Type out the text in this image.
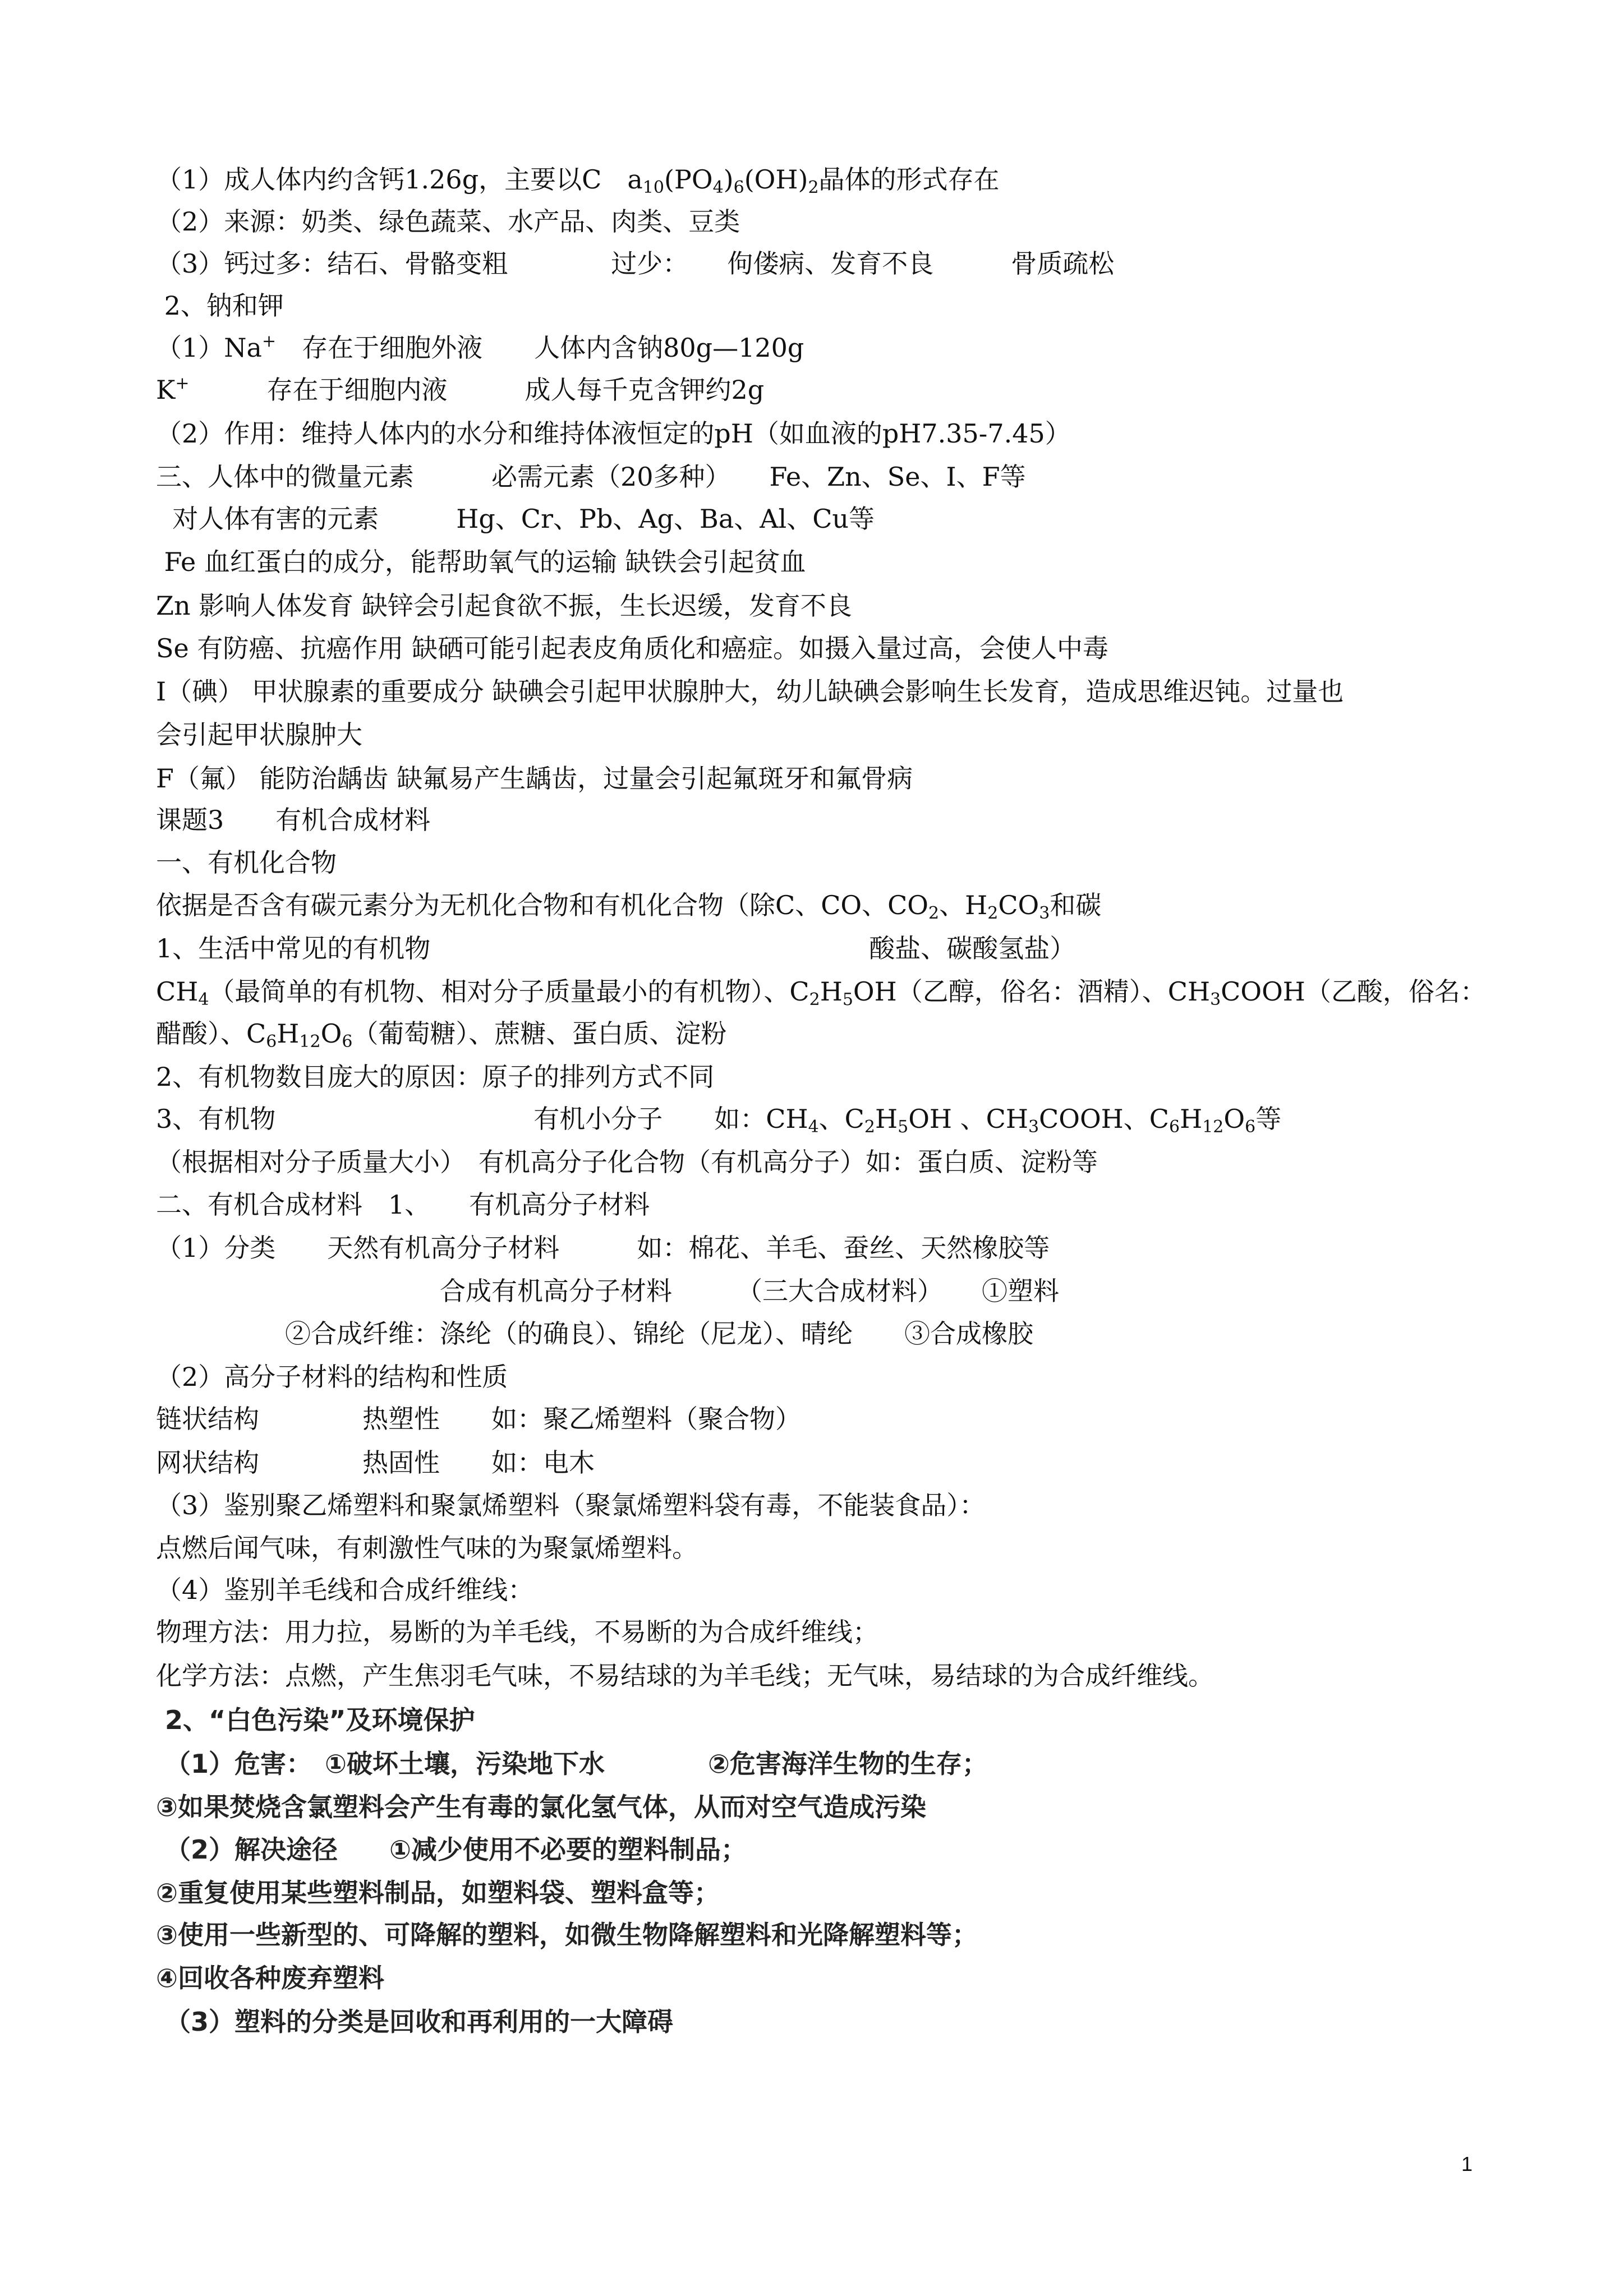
（1）成人体内约含钙1.26g，主要以C　$a_{10}(PO_4)_6(OH)_2$晶体的形式存在
（2）来源：奶类、绿色蔬菜、水产品、肉类、豆类
（3）钙过多：结石、骨骼变粗　　　　过少：　　佝偻病、发育不良　　　骨质疏松
2、钠和钾
（1）Na+　存在于细胞外液　　人体内含钠80g—120g
K+　　　存在于细胞内液　　　成人每千克含钾约2g
（2）作用：维持人体内的水分和维持体液恒定的pH（如血液的pH7.35-7.45）
三、人体中的微量元素　　　必需元素（20多种）　　Fe、Zn、Se、I、F等
对人体有害的元素　　　Hg、Cr、Pb、Ag、Ba、Al、Cu等
Fe 血红蛋白的成分，能帮助氧气的运输 缺铁会引起贫血
Zn 影响人体发育 缺锌会引起食欲不振，生长迟缓，发育不良
Se 有防癌、抗癌作用 缺硒可能引起表皮角质化和癌症。如摄入量过高，会使人中毒
I（碘） 甲状腺素的重要成分 缺碘会引起甲状腺肿大，幼儿缺碘会影响生长发育，造成思维迟钝。过量也
会引起甲状腺肿大
F（氟） 能防治龋齿 缺氟易产生龋齿，过量会引起氟斑牙和氟骨病
课题3　　有机合成材料
一、有机化合物
依据是否含有碳元素分为无机化合物和有机化合物（除C、CO、$CO_2$、$H_2CO_3$和碳
1、生活中常见的有机物　　　　　　　　　　　　　　　　　酸盐、碳酸氢盐）
$CH_4$（最简单的有机物、相对分子质量最小的有机物）、$C_2H_5OH$（乙醇，俗名：酒精）、$CH_3COOH$（乙酸，俗名：
醋酸）、$C_6H_{12}O_6$（葡萄糖）、蔗糖、蛋白质、淀粉
2、有机物数目庞大的原因：原子的排列方式不同
3、有机物　　　　　　　　　　有机小分子　　如：$CH_4$、$C_2H_5OH$ 、$CH_3COOH$、$C_6H_{12}O_6$等
（根据相对分子质量大小）　有机高分子化合物（有机高分子）如：蛋白质、淀粉等
二、有机合成材料　1、　　有机高分子材料
（1）分类　　天然有机高分子材料　　　如：棉花、羊毛、蚕丝、天然橡胶等
　　　　　　　　　　　合成有机高分子材料　　　（三大合成材料）　　①塑料
　　　　　②合成纤维：涤纶（的确良）、锦纶（尼龙）、晴纶　　③合成橡胶
（2）高分子材料的结构和性质
链状结构　　　　热塑性　　如：聚乙烯塑料（聚合物）
网状结构　　　　热固性　　如：电木
（3）鉴别聚乙烯塑料和聚氯烯塑料（聚氯烯塑料袋有毒，不能装食品）：
点燃后闻气味，有刺激性气味的为聚氯烯塑料。
（4）鉴别羊毛线和合成纤维线：
物理方法：用力拉，易断的为羊毛线，不易断的为合成纤维线；
化学方法：点燃，产生焦羽毛气味，不易结球的为羊毛线；无气味，易结球的为合成纤维线。
2、“白色污染”及环境保护
（1）危害：　①破坏土壤，污染地下水　　　　②危害海洋生物的生存；
③如果焚烧含氯塑料会产生有毒的氯化氢气体，从而对空气造成污染
（2）解决途径　　①减少使用不必要的塑料制品；
②重复使用某些塑料制品，如塑料袋、塑料盒等；
③使用一些新型的、可降解的塑料，如微生物降解塑料和光降解塑料等；
④回收各种废弃塑料
（3）塑料的分类是回收和再利用的一大障碍
1
